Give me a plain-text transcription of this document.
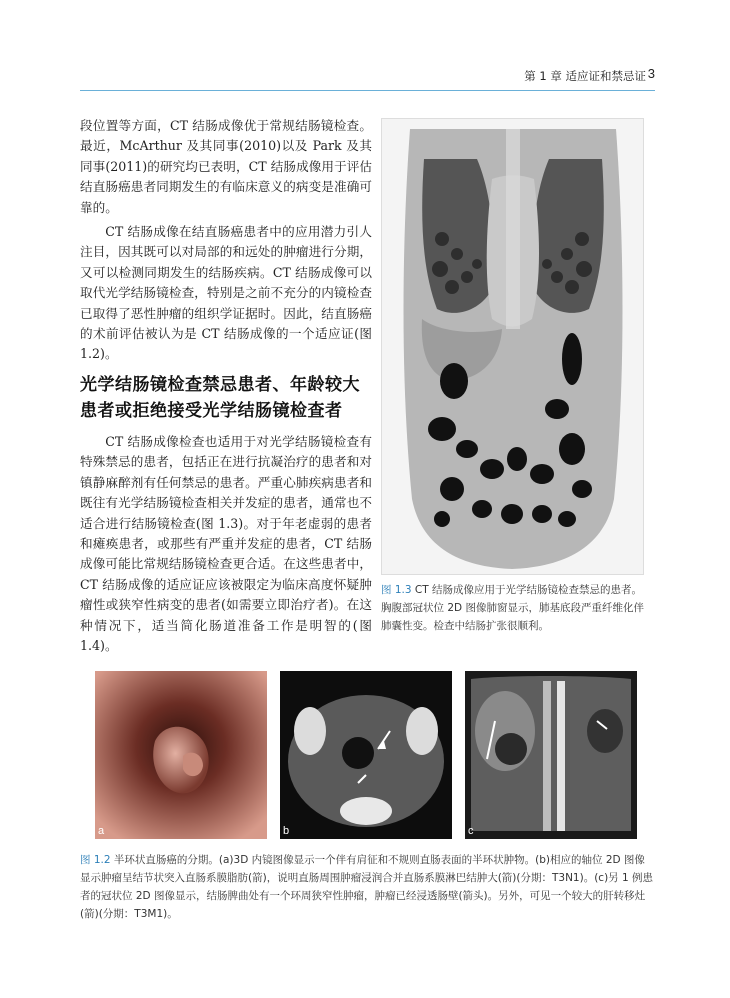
第 1 章 适应证和禁忌证 3

段位置等方面，CT 结肠成像优于常规结肠镜检查。最近，McArthur 及其同事(2010)以及 Park 及其同事(2011)的研究均已表明，CT 结肠成像用于评估结直肠癌患者同期发生的有临床意义的病变是准确可靠的。

CT 结肠成像在结直肠癌患者中的应用潜力引人注目，因其既可以对局部的和远处的肿瘤进行分期，又可以检测同期发生的结肠疾病。CT 结肠成像可以取代光学结肠镜检查，特别是之前不充分的内镜检查已取得了恶性肿瘤的组织学证据时。因此，结直肠癌的术前评估被认为是 CT 结肠成像的一个适应证(图 1.2)。

光学结肠镜检查禁忌患者、年龄较大患者或拒绝接受光学结肠镜检查者

CT 结肠成像检查也适用于对光学结肠镜检查有特殊禁忌的患者，包括正在进行抗凝治疗的患者和对镇静麻醉剂有任何禁忌的患者。严重心肺疾病患者和既往有光学结肠镜检查相关并发症的患者，通常也不适合进行结肠镜检查(图 1.3)。对于年老虚弱的患者和瘫痪患者，或那些有严重并发症的患者，CT 结肠成像可能比常规结肠镜检查更合适。在这些患者中，CT 结肠成像的适应证应该被限定为临床高度怀疑肿瘤性或狭窄性病变的患者(如需要立即治疗者)。在这种情况下，适当简化肠道准备工作是明智的(图 1.4)。

图 1.3 CT 结肠成像应用于光学结肠镜检查禁忌的患者。胸腹部冠状位 2D 图像肺窗显示，肺基底段严重纤维化伴肺囊性变。检查中结肠扩张很顺利。

a	b	c

图 1.2 半环状直肠癌的分期。(a)3D 内镜图像显示一个伴有肩征和不规则直肠表面的半环状肿物。(b)相应的轴位 2D 图像显示肿瘤呈结节状突入直肠系膜脂肪(箭)，说明直肠周围肿瘤浸润合并直肠系膜淋巴结肿大(箭)(分期：T3N1)。(c)另 1 例患者的冠状位 2D 图像显示，结肠脾曲处有一个环周狭窄性肿瘤，肿瘤已经浸透肠壁(箭头)。另外，可见一个较大的肝转移灶(箭)(分期：T3M1)。
